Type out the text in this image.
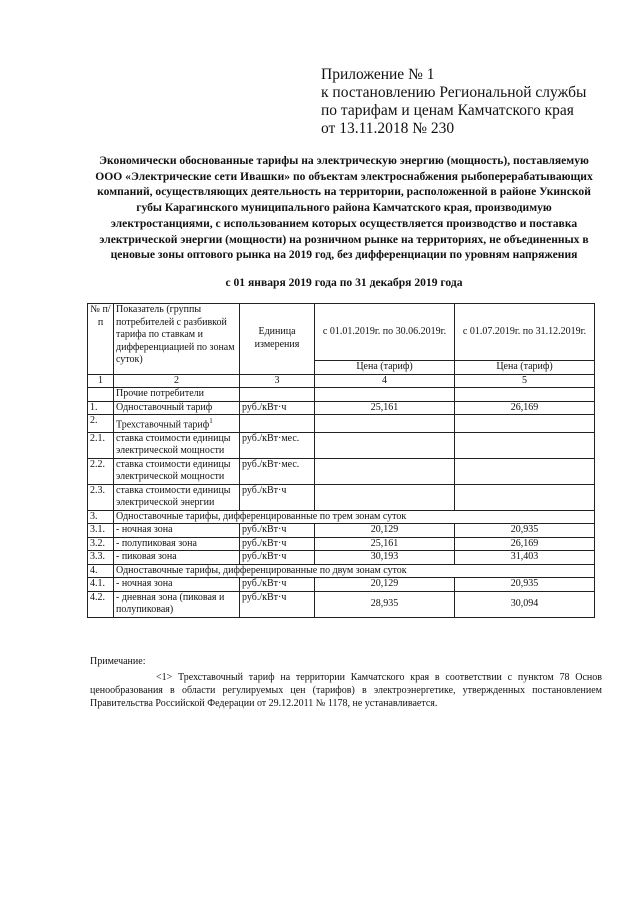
Приложение № 1
к постановлению Региональной службы
по тарифам и ценам Камчатского края
от 13.11.2018 № 230

Экономически обоснованные тарифы на электрическую энергию (мощность), поставляемую ООО «Электрические сети Ивашки» по объектам электроснабжения рыбоперерабатывающих компаний, осуществляющих деятельность на территории, расположенной в районе Укинской губы Карагинского муниципального района Камчатского края, производимую электростанциями, с использованием которых осуществляется производство и поставка электрической энергии (мощности) на розничном рынке на территориях, не объединенных в ценовые зоны оптового рынка на 2019 год, без дифференциации по уровням напряжения

с 01 января 2019 года по 31 декабря 2019 года
№ п/п	Показатель (группы потребителей с разбивкой тарифа по ставкам и дифференциацией по зонам суток)	Единица измерения	с 01.01.2019г. по 30.06.2019г.	с 01.07.2019г. по 31.12.2019г.
			Цена (тариф)	Цена (тариф)
1	2	3	4	5
	Прочие потребители			
1.	Одноставочный тариф	руб./кВт·ч	25,161	26,169
2.	Трехставочный тариф$^1$			
2.1.	ставка стоимости единицы электрической мощности	руб./кВт·мес.		
2.2.	ставка стоимости единицы электрической мощности	руб./кВт·мес.		
2.3.	ставка стоимости единицы электрической энергии	руб./кВт·ч		
3.	Одноставочные тарифы, дифференцированные по трем зонам суток			
3.1.	- ночная зона	руб./кВт·ч	20,129	20,935
3.2.	- полупиковая зона	руб./кВт·ч	25,161	26,169
3.3.	- пиковая зона	руб./кВт·ч	30,193	31,403
4.	Одноставочные тарифы, дифференцированные по двум зонам суток			
4.1.	- ночная зона	руб./кВт·ч	20,129	20,935
4.2.	- дневная зона (пиковая и полупиковая)	руб./кВт·ч	28,935	30,094

Примечание:

<1> Трехставочный тариф на территории Камчатского края в соответствии с пунктом 78 Основ ценообразования в области регулируемых цен (тарифов) в электроэнергетике, утвержденных постановлением Правительства Российской Федерации от 29.12.2011 № 1178, не устанавливается.
